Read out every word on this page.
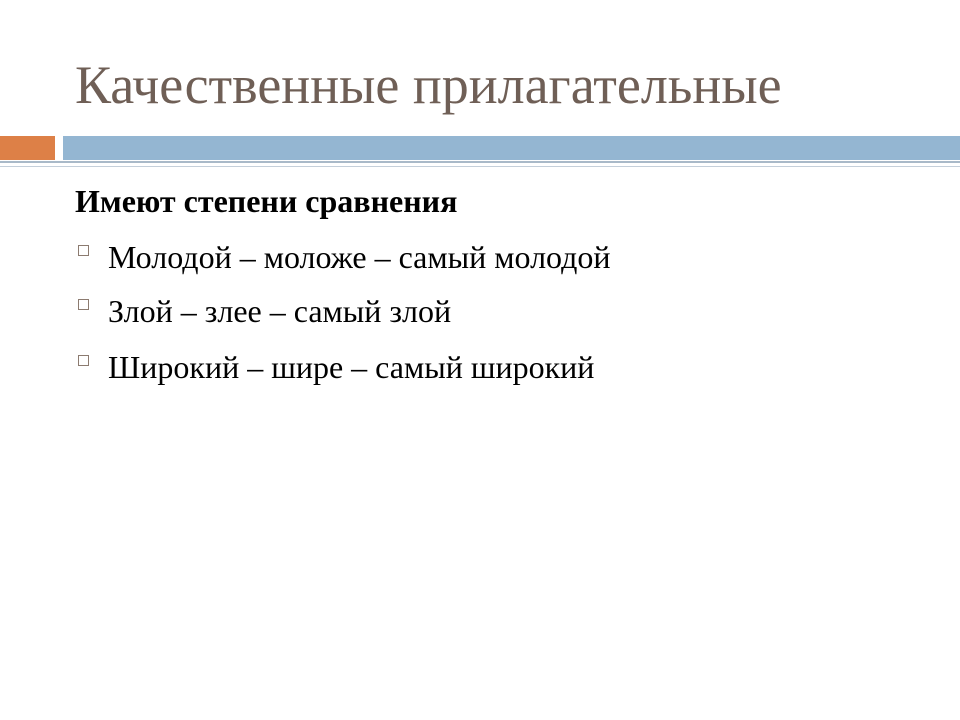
Качественные прилагательные
Имеют степени сравнения
Молодой – моложе – самый молодой
Злой – злее – самый злой
Широкий – шире – самый широкий
